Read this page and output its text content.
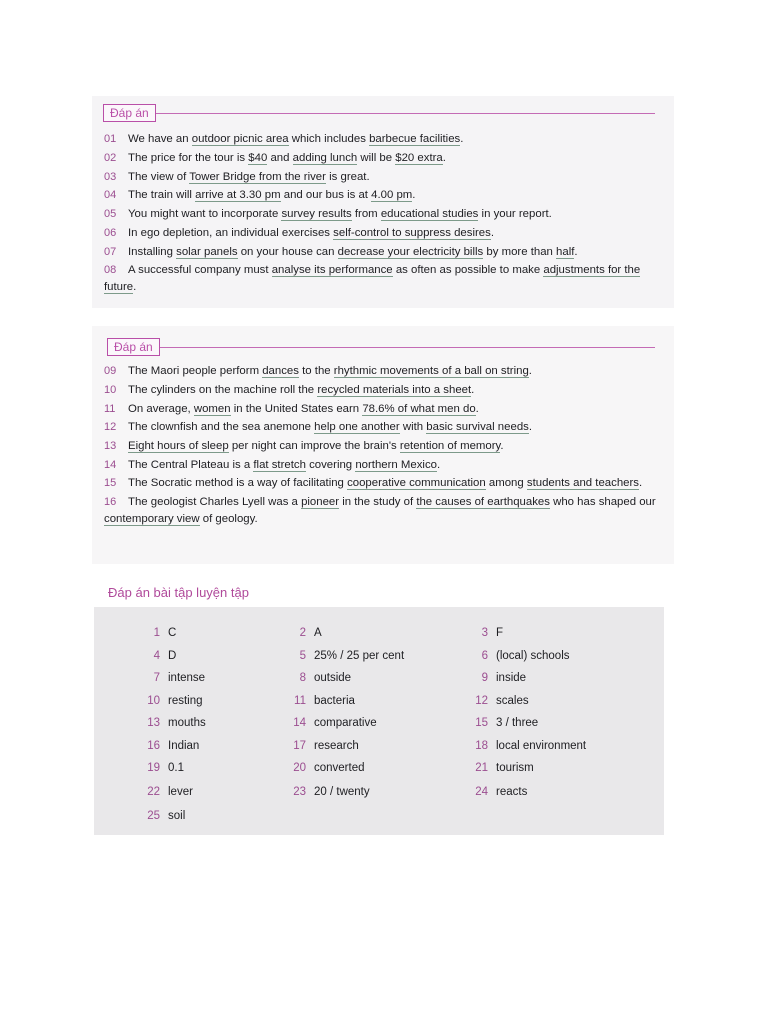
Đáp án
01 We have an outdoor picnic area which includes barbecue facilities.
02 The price for the tour is $40 and adding lunch will be $20 extra.
03 The view of Tower Bridge from the river is great.
04 The train will arrive at 3.30 pm and our bus is at 4.00 pm.
05 You might want to incorporate survey results from educational studies in your report.
06 In ego depletion, an individual exercises self-control to suppress desires.
07 Installing solar panels on your house can decrease your electricity bills by more than half.
08 A successful company must analyse its performance as often as possible to make adjustments for the future.
Đáp án
09 The Maori people perform dances to the rhythmic movements of a ball on string.
10 The cylinders on the machine roll the recycled materials into a sheet.
11 On average, women in the United States earn 78.6% of what men do.
12 The clownfish and the sea anemone help one another with basic survival needs.
13 Eight hours of sleep per night can improve the brain's retention of memory.
14 The Central Plateau is a flat stretch covering northern Mexico.
15 The Socratic method is a way of facilitating cooperative communication among students and teachers.
16 The geologist Charles Lyell was a pioneer in the study of the causes of earthquakes who has shaped our contemporary view of geology.
Đáp án bài tập luyện tập
1 C	2 A	3 F
4 D	5 25% / 25 per cent	6 (local) schools
7 intense	8 outside	9 inside
10 resting	11 bacteria	12 scales
13 mouths	14 comparative	15 3 / three
16 Indian	17 research	18 local environment
19 0.1	20 converted	21 tourism
22 lever	23 20 / twenty	24 reacts
25 soil
